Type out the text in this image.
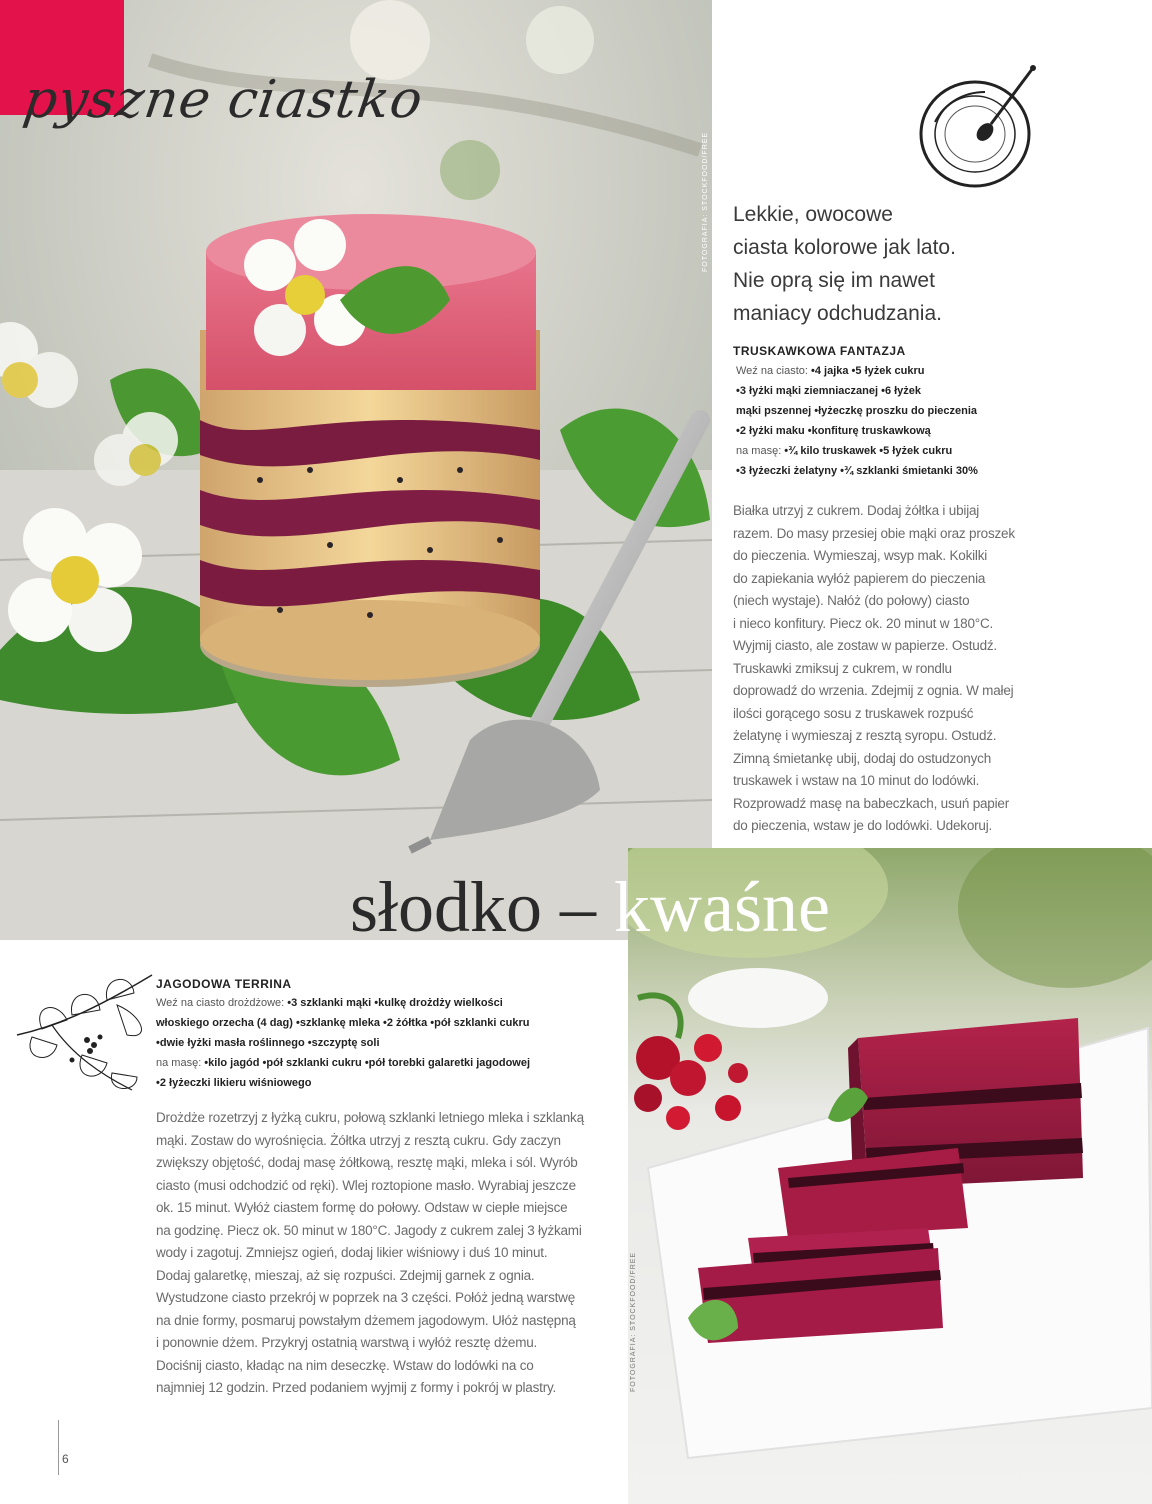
pyszne ciastko
FOTOGRAFIA: STOCKFOOD/FREE Lekkie, owocowe
ciasta kolorowe jak lato.
Nie oprą się im nawet
maniacy odchudzania.
TRUSKAWKOWA FANTAZJA
Weź na ciasto: •4 jajka •5 łyżek cukru
•3 łyżki mąki ziemniaczanej •6 łyżek
mąki pszennej •łyżeczkę proszku do pieczenia
•2 łyżki maku •konfiturę truskawkową
na masę: •¾ kilo truskawek •5 łyżek cukru
•3 łyżeczki żelatyny •¾ szklanki śmietanki 30%
Białka utrzyj z cukrem. Dodaj żółtka i ubijaj
razem. Do masy przesiej obie mąki oraz proszek
do pieczenia. Wymieszaj, wsyp mak. Kokilki
do zapiekania wyłóż papierem do pieczenia
(niech wystaje). Nałóż (do połowy) ciasto
i nieco konfitury. Piecz ok. 20 minut w 180°C.
Wyjmij ciasto, ale zostaw w papierze. Ostudź.
Truskawki zmiksuj z cukrem, w rondlu
doprowadź do wrzenia. Zdejmij z ognia. W małej
ilości gorącego sosu z truskawek rozpuść
żelatynę i wymieszaj z resztą syropu. Ostudź.
Zimną śmietankę ubij, dodaj do ostudzonych
truskawek i wstaw na 10 minut do lodówki.
Rozprowadź masę na babeczkach, usuń papier
do pieczenia, wstaw je do lodówki. Udekoruj.
FOTOGRAFIA: STOCKFOOD/FREE
słodko – kwaśne
JAGODOWA TERRINA
Weź na ciasto drożdżowe: •3 szklanki mąki •kulkę drożdży wielkości
włoskiego orzecha (4 dag) •szklankę mleka •2 żółtka •pół szklanki cukru
•dwie łyżki masła roślinnego •szczyptę soli
na masę: •kilo jagód •pół szklanki cukru •pół torebki galaretki jagodowej
•2 łyżeczki likieru wiśniowego
Drożdże rozetrzyj z łyżką cukru, połową szklanki letniego mleka i szklanką
mąki. Zostaw do wyrośnięcia. Żółtka utrzyj z resztą cukru. Gdy zaczyn
zwiększy objętość, dodaj masę żółtkową, resztę mąki, mleka i sól. Wyrób
ciasto (musi odchodzić od ręki). Wlej roztopione masło. Wyrabiaj jeszcze
ok. 15 minut. Wyłóż ciastem formę do połowy. Odstaw w ciepłe miejsce
na godzinę. Piecz ok. 50 minut w 180°C. Jagody z cukrem zalej 3 łyżkami
wody i zagotuj. Zmniejsz ogień, dodaj likier wiśniowy i duś 10 minut.
Dodaj galaretkę, mieszaj, aż się rozpuści. Zdejmij garnek z ognia.
Wystudzone ciasto przekrój w poprzek na 3 części. Połóż jedną warstwę
na dnie formy, posmaruj powstałym dżemem jagodowym. Ułóż następną
i ponownie dżem. Przykryj ostatnią warstwą i wyłóż resztę dżemu.
Dociśnij ciasto, kładąc na nim deseczkę. Wstaw do lodówki na co
najmniej 12 godzin. Przed podaniem wyjmij z formy i pokrój w plastry.
6
